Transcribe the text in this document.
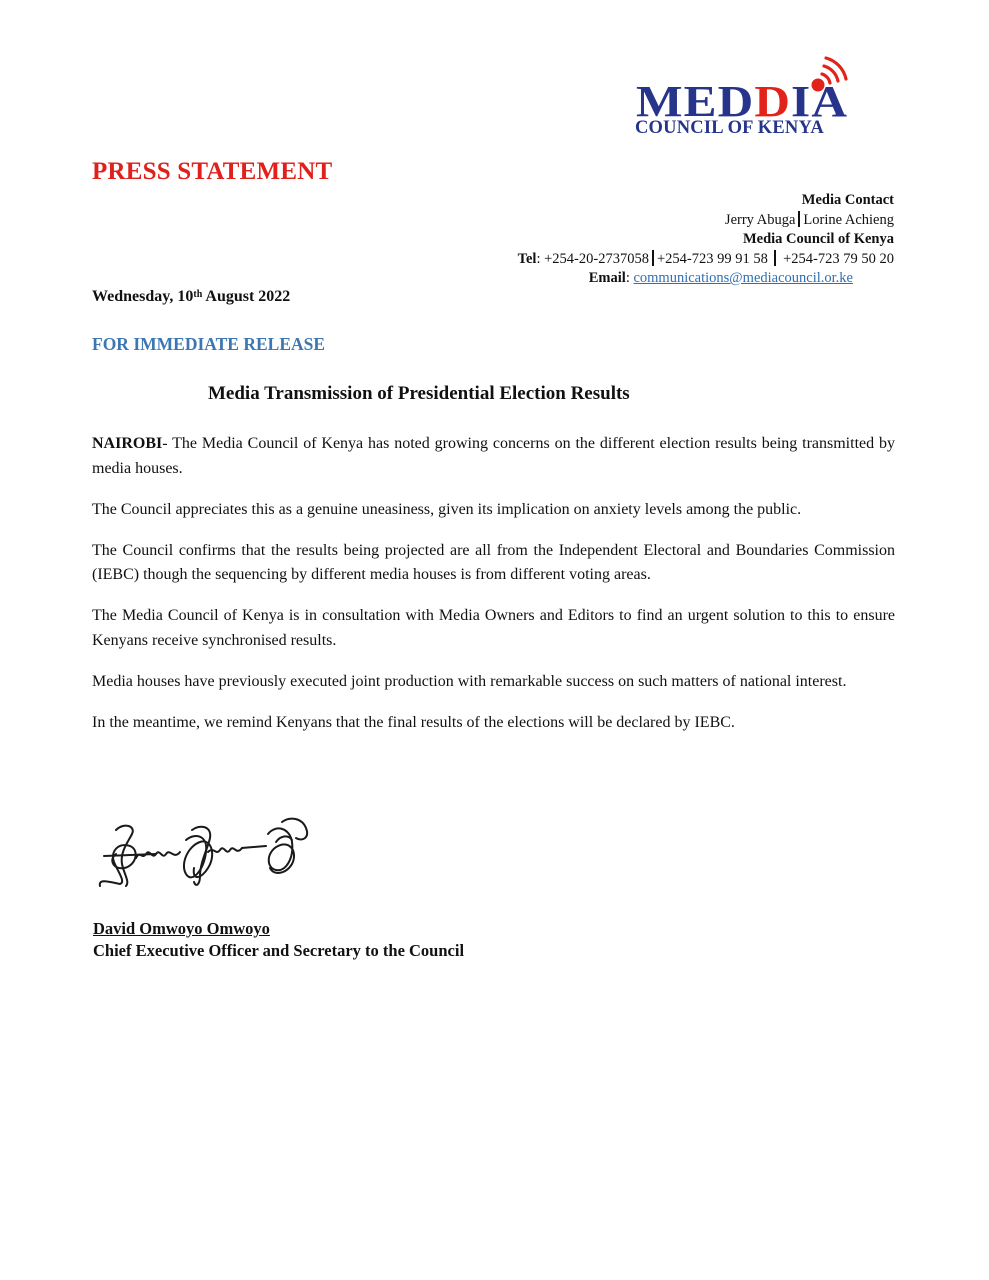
MEDDIA
COUNCIL OF KENYA
PRESS STATEMENT
Media Contact
Jerry Abuga Lorine Achieng
Media Council of Kenya
Tel: +254-20-2737058 +254-723 99 91 58 +254-723 79 50 20
Email: communications@mediacouncil.or.ke
Wednesday, 10th August 2022
FOR IMMEDIATE RELEASE
Media Transmission of Presidential Election Results

NAIROBI- The Media Council of Kenya has noted growing concerns on the different election results being transmitted by media houses.

The Council appreciates this as a genuine uneasiness, given its implication on anxiety levels among the public.

The Council confirms that the results being projected are all from the Independent Electoral and Boundaries Commission (IEBC) though the sequencing by different media houses is from different voting areas.

The Media Council of Kenya is in consultation with Media Owners and Editors to find an urgent solution to this to ensure Kenyans receive synchronised results.

Media houses have previously executed joint production with remarkable success on such matters of national interest.

In the meantime, we remind Kenyans that the final results of the elections will be declared by IEBC.

David Omwoyo Omwoyo
Chief Executive Officer and Secretary to the Council
